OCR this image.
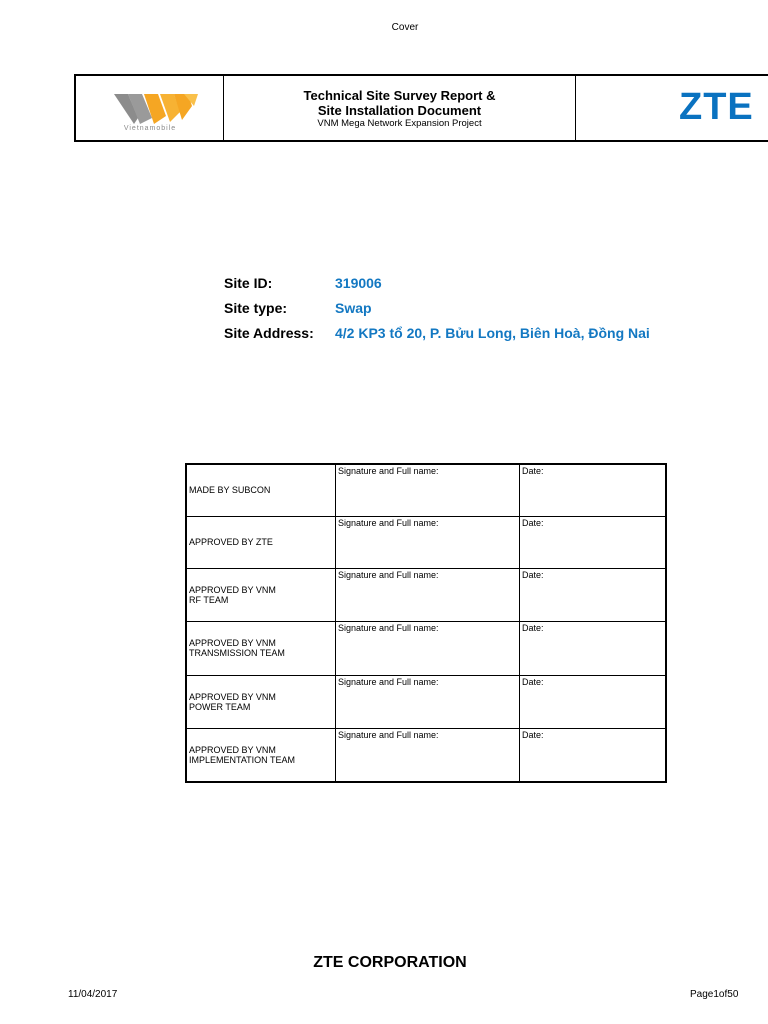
Cover
Vietnamobile
Technical Site Survey Report &
Site Installation Document
VNM Mega Network Expansion Project	ZTE
Site ID:	319006
Site type:	Swap
Site Address: 4/2 KP3 tổ 20, P. Bửu Long, Biên Hoà, Đồng Nai
MADE BY SUBCON	Signature and Full name:	Date:
APPROVED BY ZTE	Signature and Full name:	Date:
APPROVED BY VNM
RF TEAM	Signature and Full name:	Date:
APPROVED BY VNM
TRANSMISSION TEAM	Signature and Full name:	Date:
APPROVED BY VNM
POWER TEAM	Signature and Full name:	Date:
APPROVED BY VNM
IMPLEMENTATION TEAM	Signature and Full name:	Date:
ZTE CORPORATION
11/04/2017	Page1of50
